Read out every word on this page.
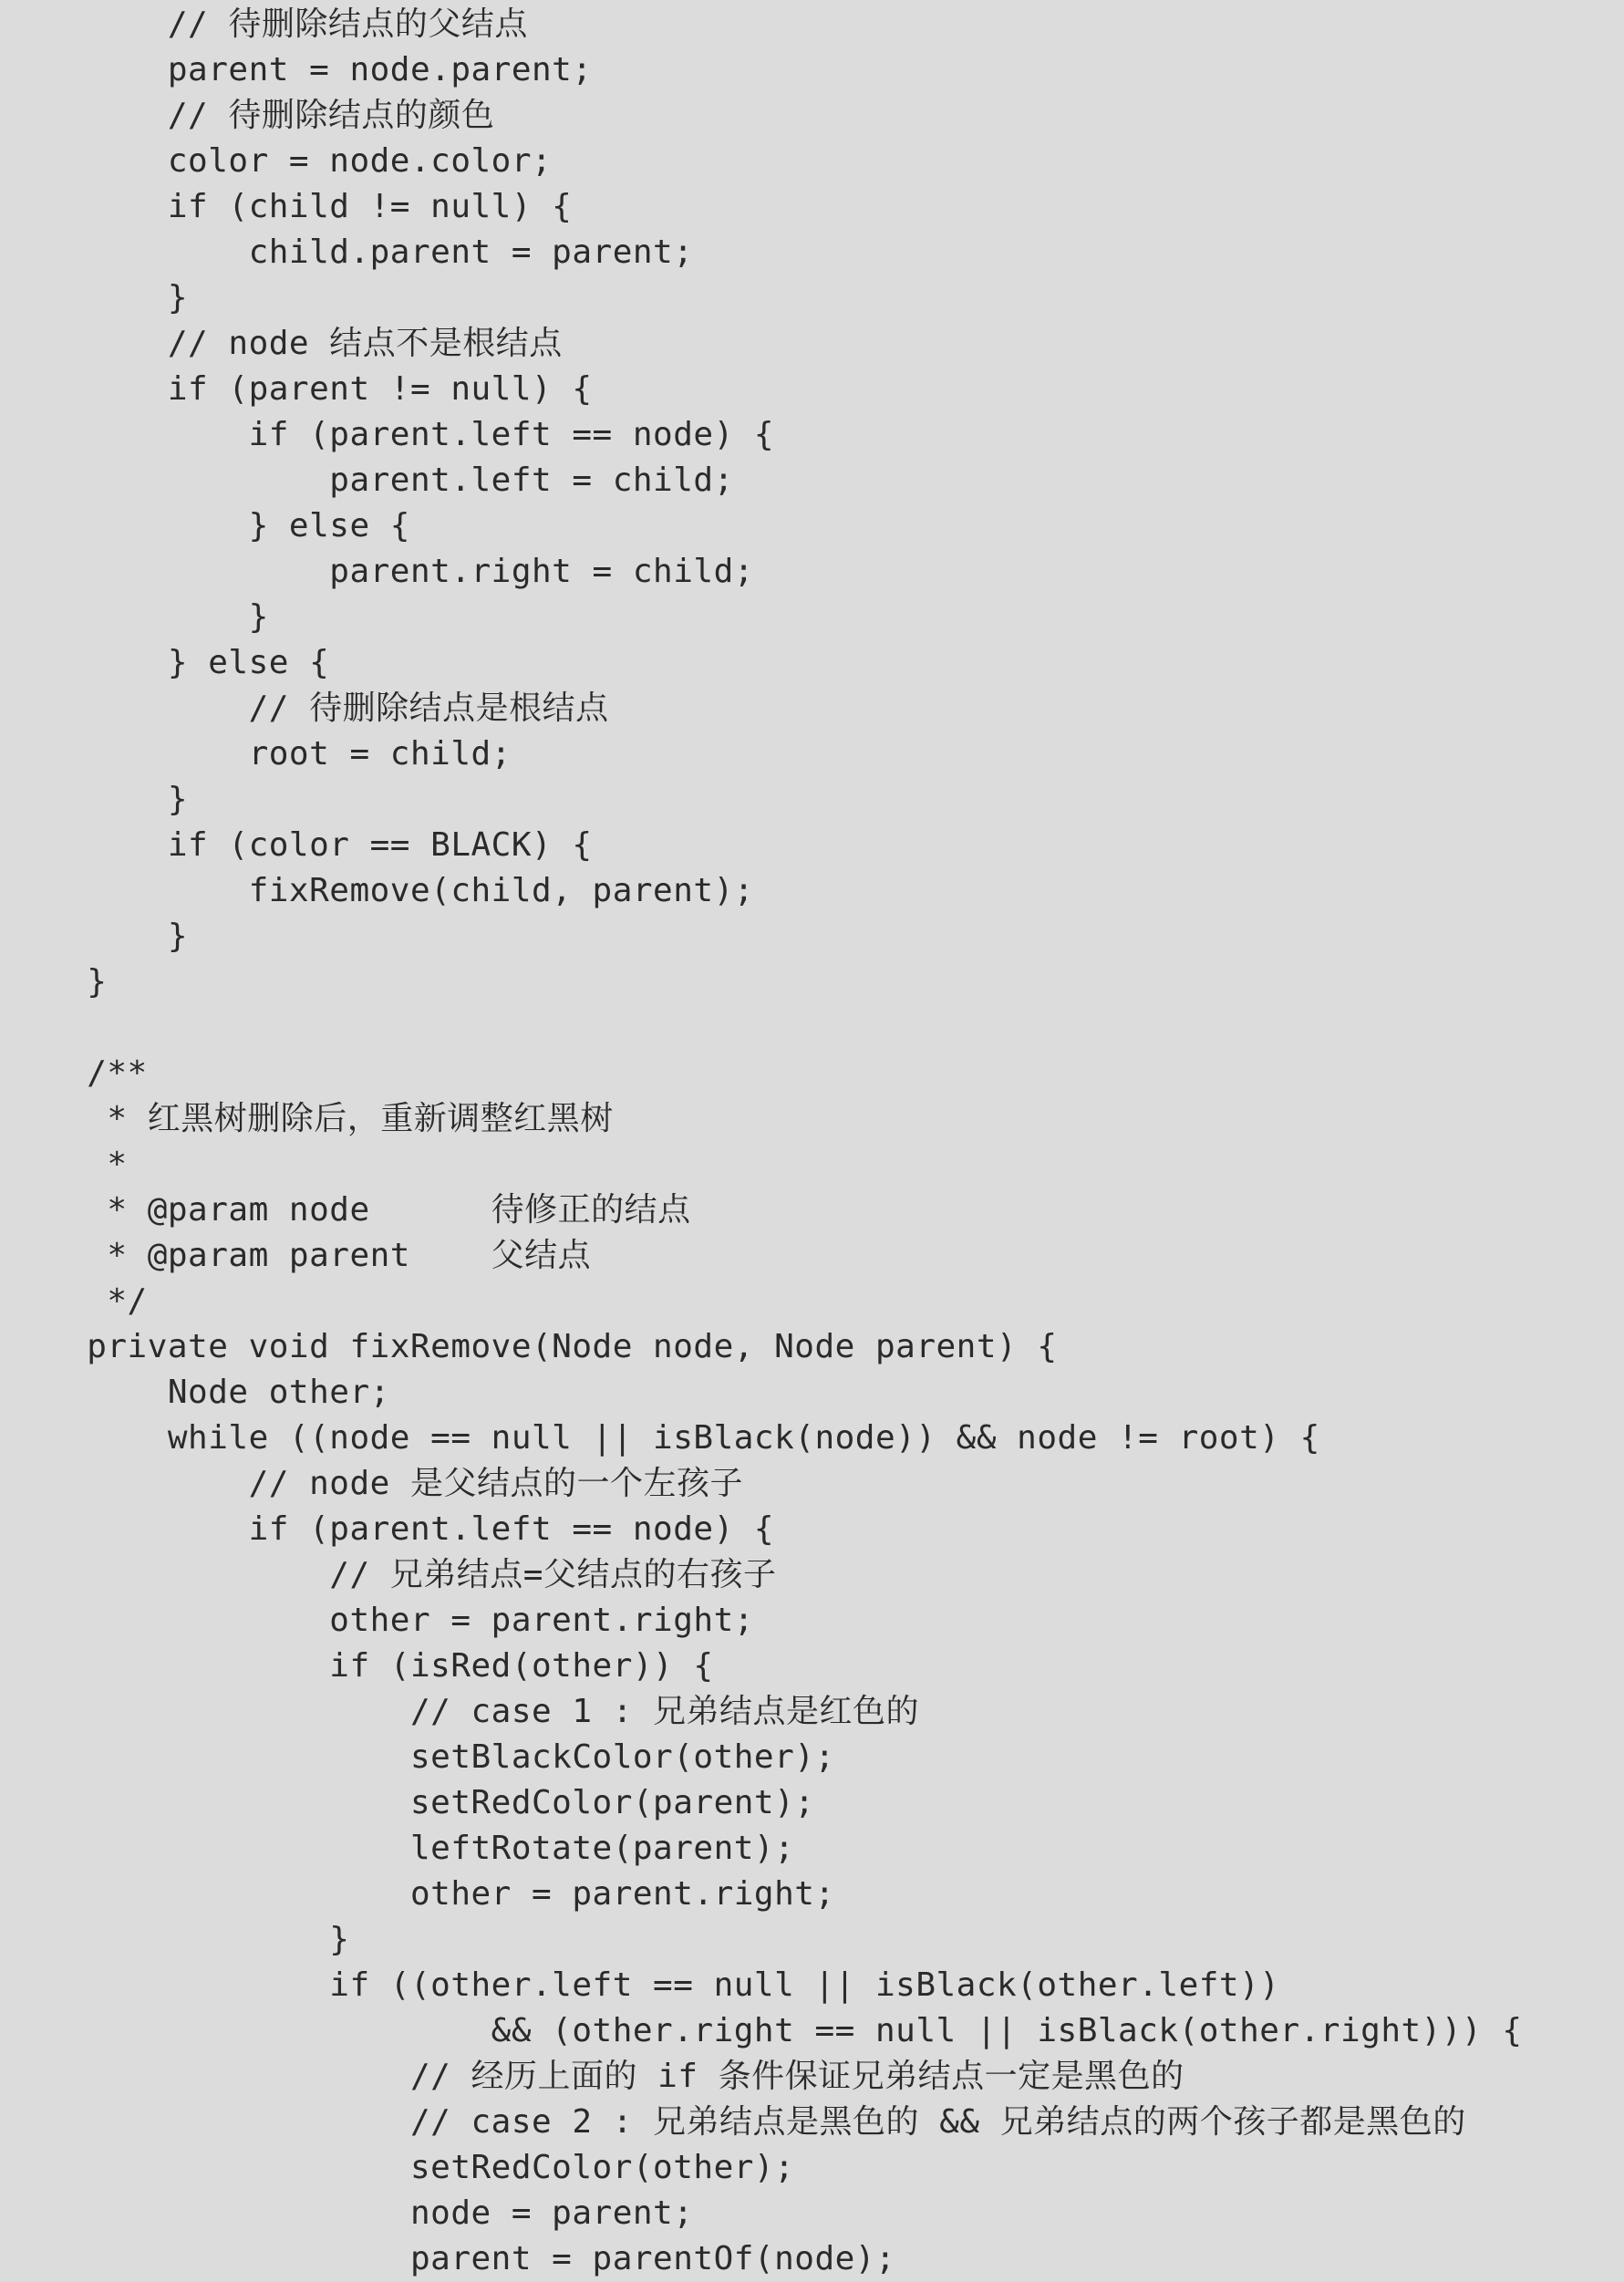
// 待删除结点的父结点
parent = node.parent;
// 待删除结点的颜色
color = node.color;
if (child != null) {
child.parent = parent;
}
// node 结点不是根结点
if (parent != null) {
if (parent.left == node) {
parent.left = child;
} else {
parent.right = child;
}
} else {
// 待删除结点是根结点
root = child;
}
if (color == BLACK) {
fixRemove(child, parent);
}
}
/**
* 红黑树删除后，重新调整红黑树
*
* @param node      待修正的结点
* @param parent    父结点
*/
private void fixRemove(Node node, Node parent) {
Node other;
while ((node == null || isBlack(node)) && node != root) {
// node 是父结点的一个左孩子
if (parent.left == node) {
// 兄弟结点=父结点的右孩子
other = parent.right;
if (isRed(other)) {
// case 1 : 兄弟结点是红色的
setBlackColor(other);
setRedColor(parent);
leftRotate(parent);
other = parent.right;
}
if ((other.left == null || isBlack(other.left))
&& (other.right == null || isBlack(other.right))) {
// 经历上面的 if 条件保证兄弟结点一定是黑色的
// case 2 : 兄弟结点是黑色的 && 兄弟结点的两个孩子都是黑色的
setRedColor(other);
node = parent;
parent = parentOf(node);
